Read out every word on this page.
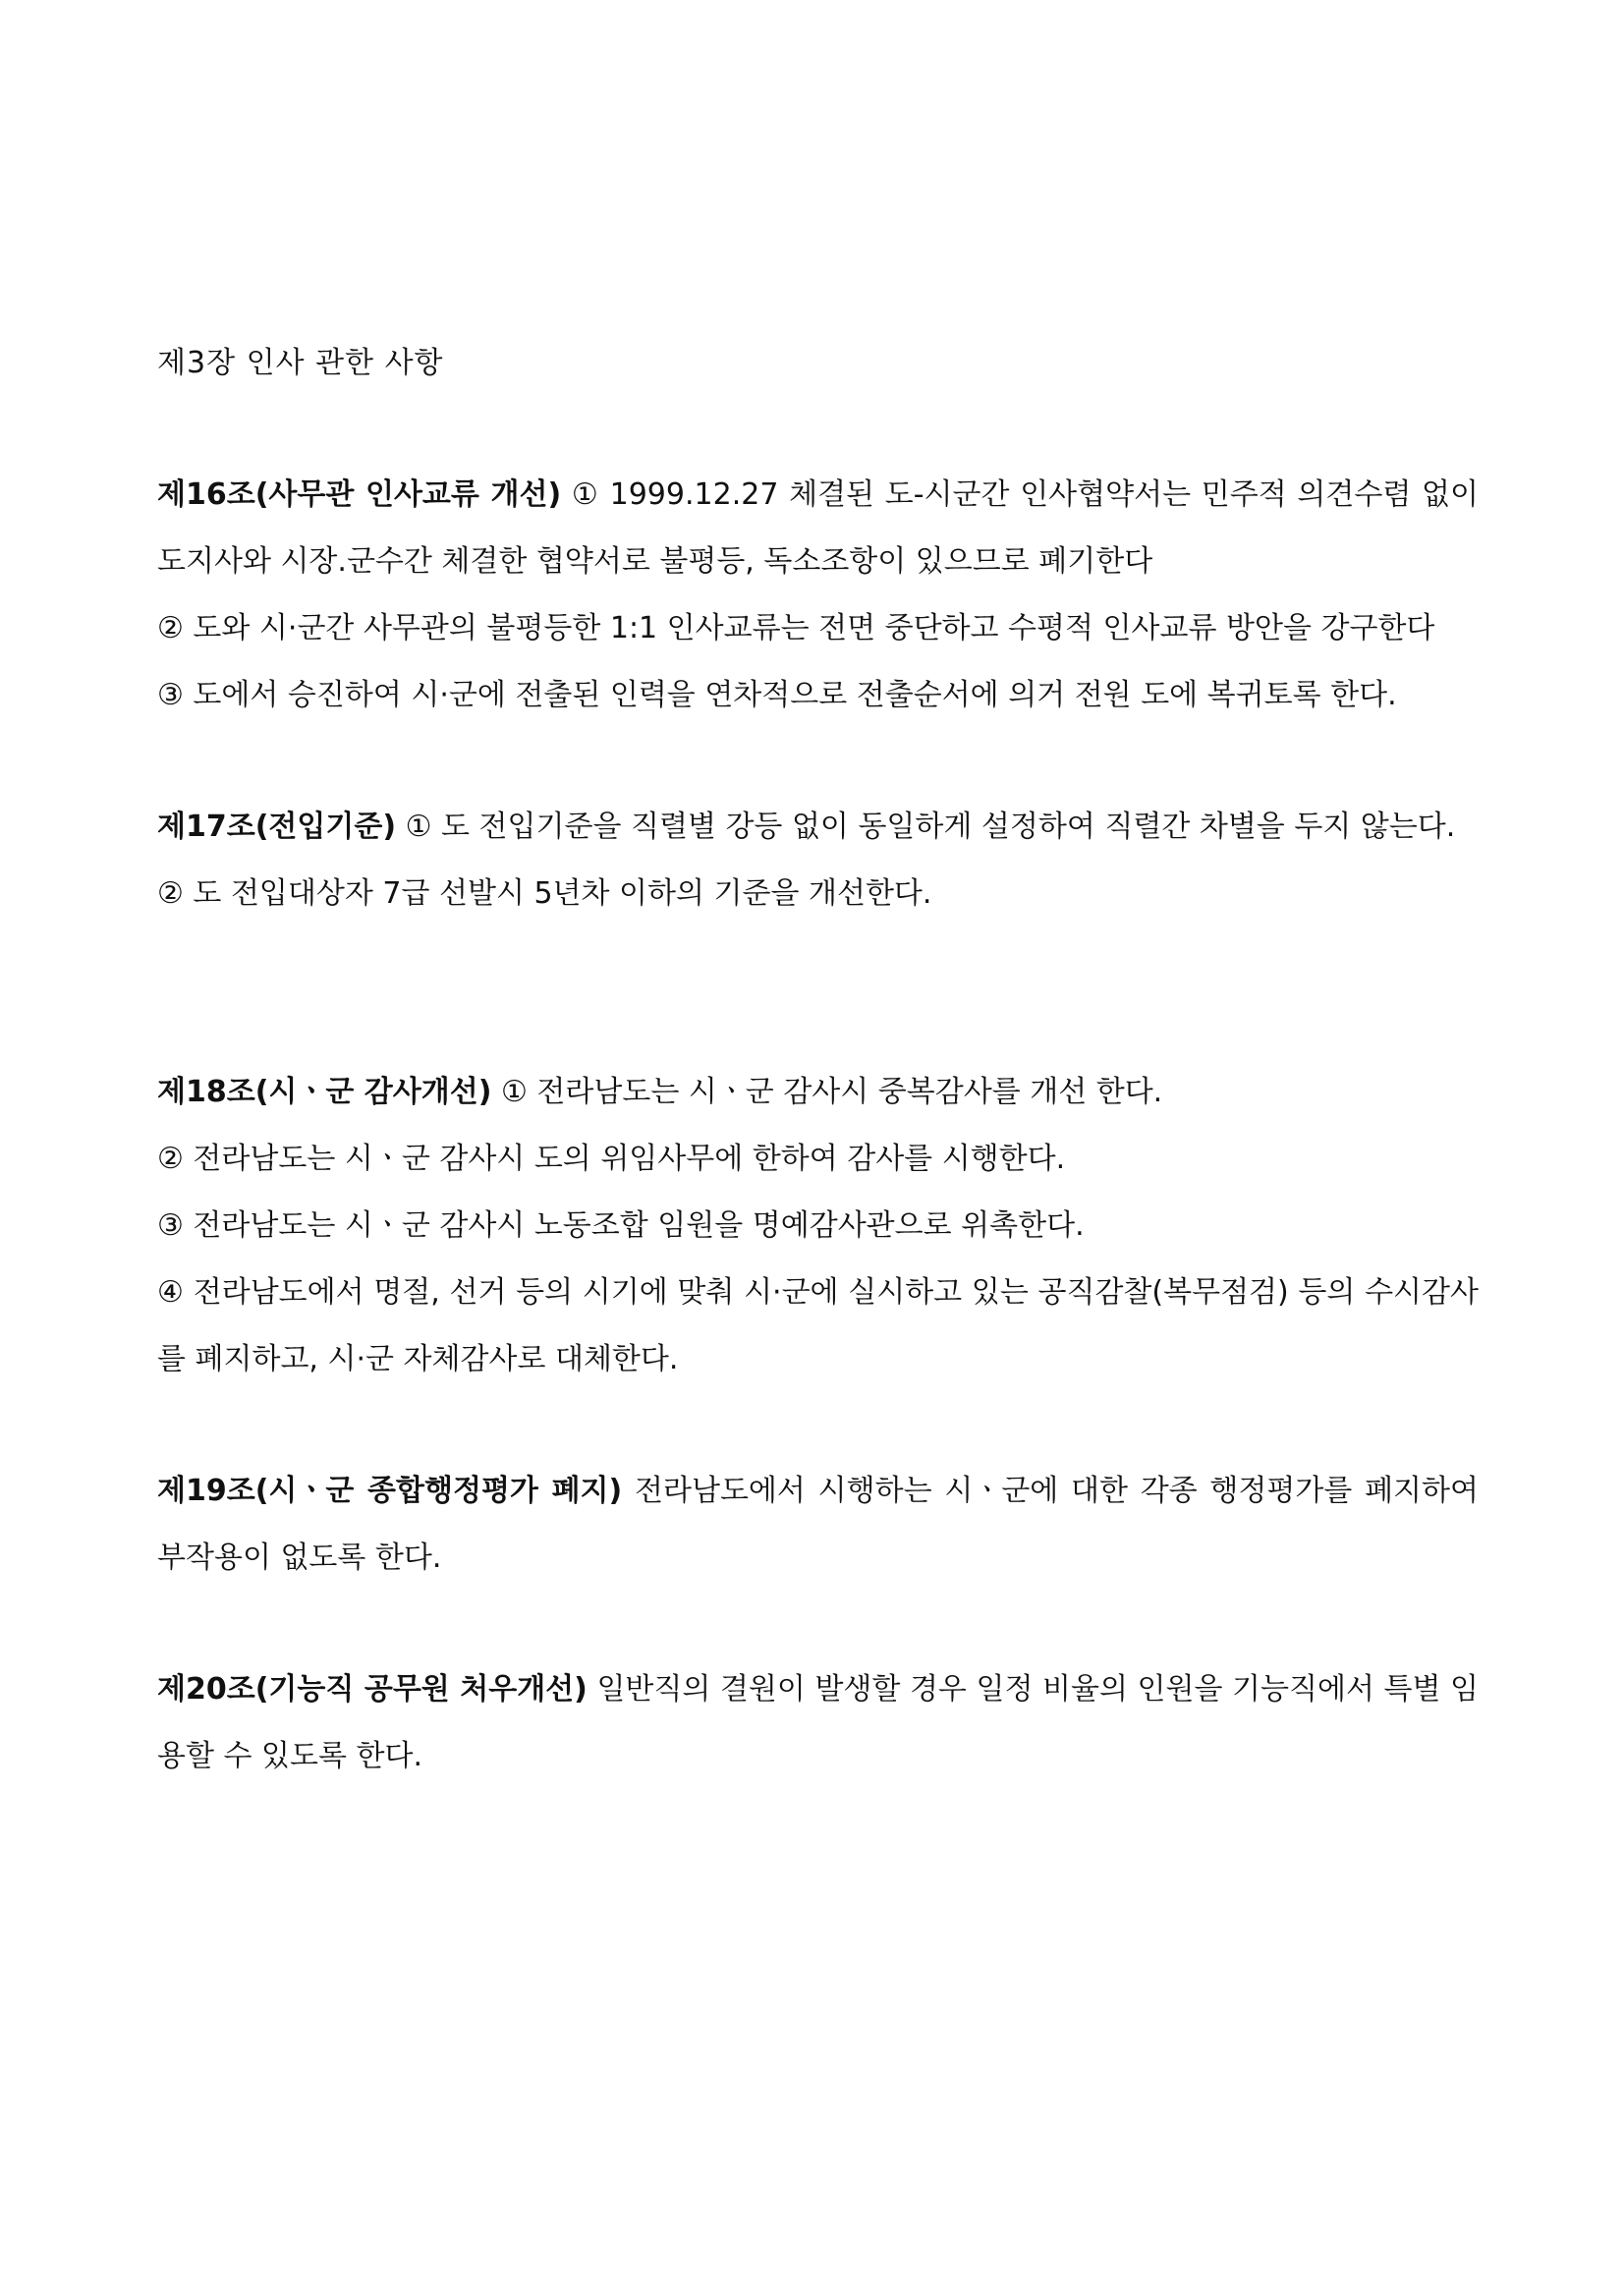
제3장 인사 관한 사항

제16조(사무관 인사교류 개선) ① 1999.12.27 체결된 도-시군간 인사협약서는 민주적 의견수렴 없이 도지사와 시장.군수간 체결한 협약서로 불평등, 독소조항이 있으므로 폐기한다

② 도와 시·군간 사무관의 불평등한 1:1 인사교류는 전면 중단하고 수평적 인사교류 방안을 강구한다

③ 도에서 승진하여 시·군에 전출된 인력을 연차적으로 전출순서에 의거 전원 도에 복귀토록 한다.

제17조(전입기준) ① 도 전입기준을 직렬별 강등 없이 동일하게 설정하여 직렬간 차별을 두지 않는다.

② 도 전입대상자 7급 선발시 5년차 이하의 기준을 개선한다.

제18조(시ㆍ군 감사개선) ① 전라남도는 시ㆍ군 감사시 중복감사를 개선 한다.

② 전라남도는 시ㆍ군 감사시 도의 위임사무에 한하여 감사를 시행한다.

③ 전라남도는 시ㆍ군 감사시 노동조합 임원을 명예감사관으로 위촉한다.

④ 전라남도에서 명절, 선거 등의 시기에 맞춰 시·군에 실시하고 있는 공직감찰(복무점검) 등의 수시감사를 폐지하고, 시·군 자체감사로 대체한다.

제19조(시ㆍ군 종합행정평가 폐지) 전라남도에서 시행하는 시ㆍ군에 대한 각종 행정평가를 폐지하여 부작용이 없도록 한다.

제20조(기능직 공무원 처우개선) 일반직의 결원이 발생할 경우 일정 비율의 인원을 기능직에서 특별 임용할 수 있도록 한다.
